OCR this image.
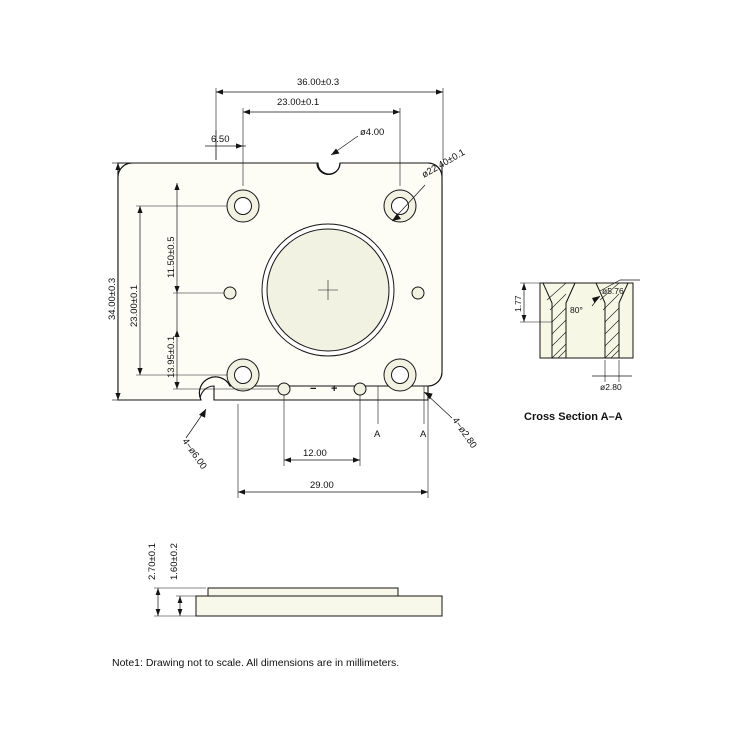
− +
36.00±0.3
23.00±0.1
6.50
ø4.00
ø22.40±0.1
34.00±0.3 23.00±0.1
11.50±0.5
13.95±0.1
12.00
29.00
4−ø6.00
4−ø2.80
A	A
1.77	80°
ø5.76
ø2.80
Cross Section A–A
2.70±0.1 1.60±0.2
Note1: Drawing not to scale. All dimensions are in millimeters.
